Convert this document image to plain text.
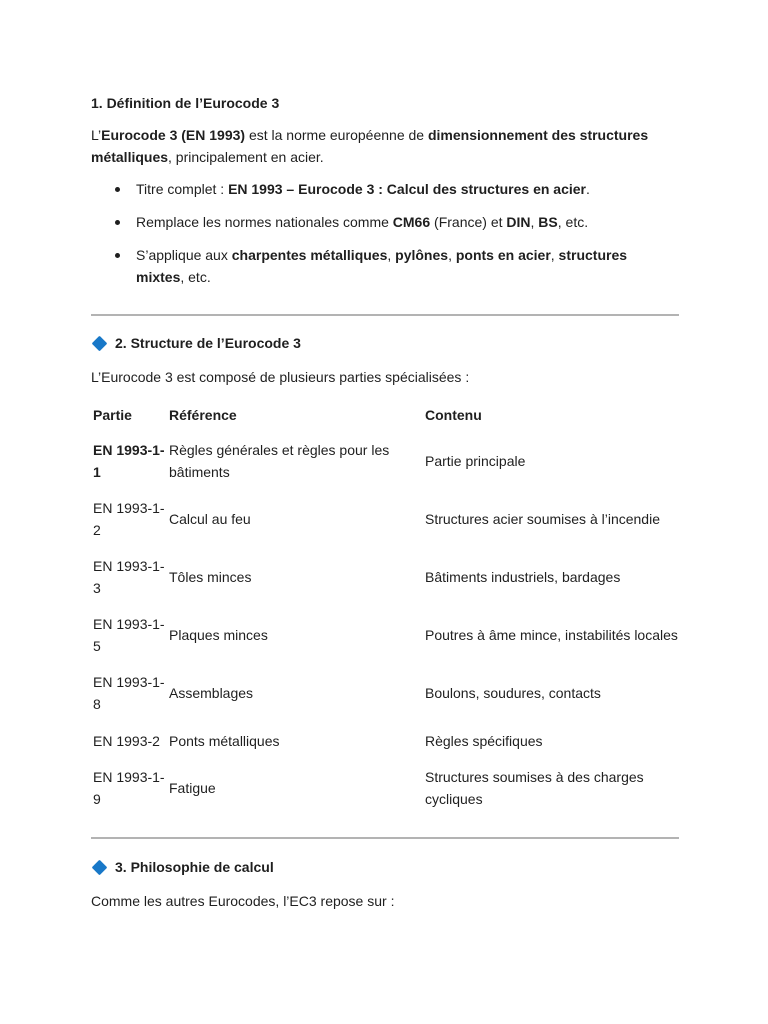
1. Définition de l’Eurocode 3

L’Eurocode 3 (EN 1993) est la norme européenne de dimensionnement des structures métalliques, principalement en acier.

Titre complet : EN 1993 – Eurocode 3 : Calcul des structures en acier.
Remplace les normes nationales comme CM66 (France) et DIN, BS, etc.
S’applique aux charpentes métalliques, pylônes, ponts en acier, structures mixtes, etc.
2. Structure de l’Eurocode 3

L’Eurocode 3 est composé de plusieurs parties spécialisées :

Partie	Référence	Contenu
EN 1993-1-1	Règles générales et règles pour les bâtiments	Partie principale
EN 1993-1-2	Calcul au feu	Structures acier soumises à l’incendie
EN 1993-1-3	Tôles minces	Bâtiments industriels, bardages
EN 1993-1-5	Plaques minces	Poutres à âme mince, instabilités locales
EN 1993-1-8	Assemblages	Boulons, soudures, contacts
EN 1993-2	Ponts métalliques	Règles spécifiques
EN 1993-1-9	Fatigue	Structures soumises à des charges cycliques
3. Philosophie de calcul

Comme les autres Eurocodes, l’EC3 repose sur :
